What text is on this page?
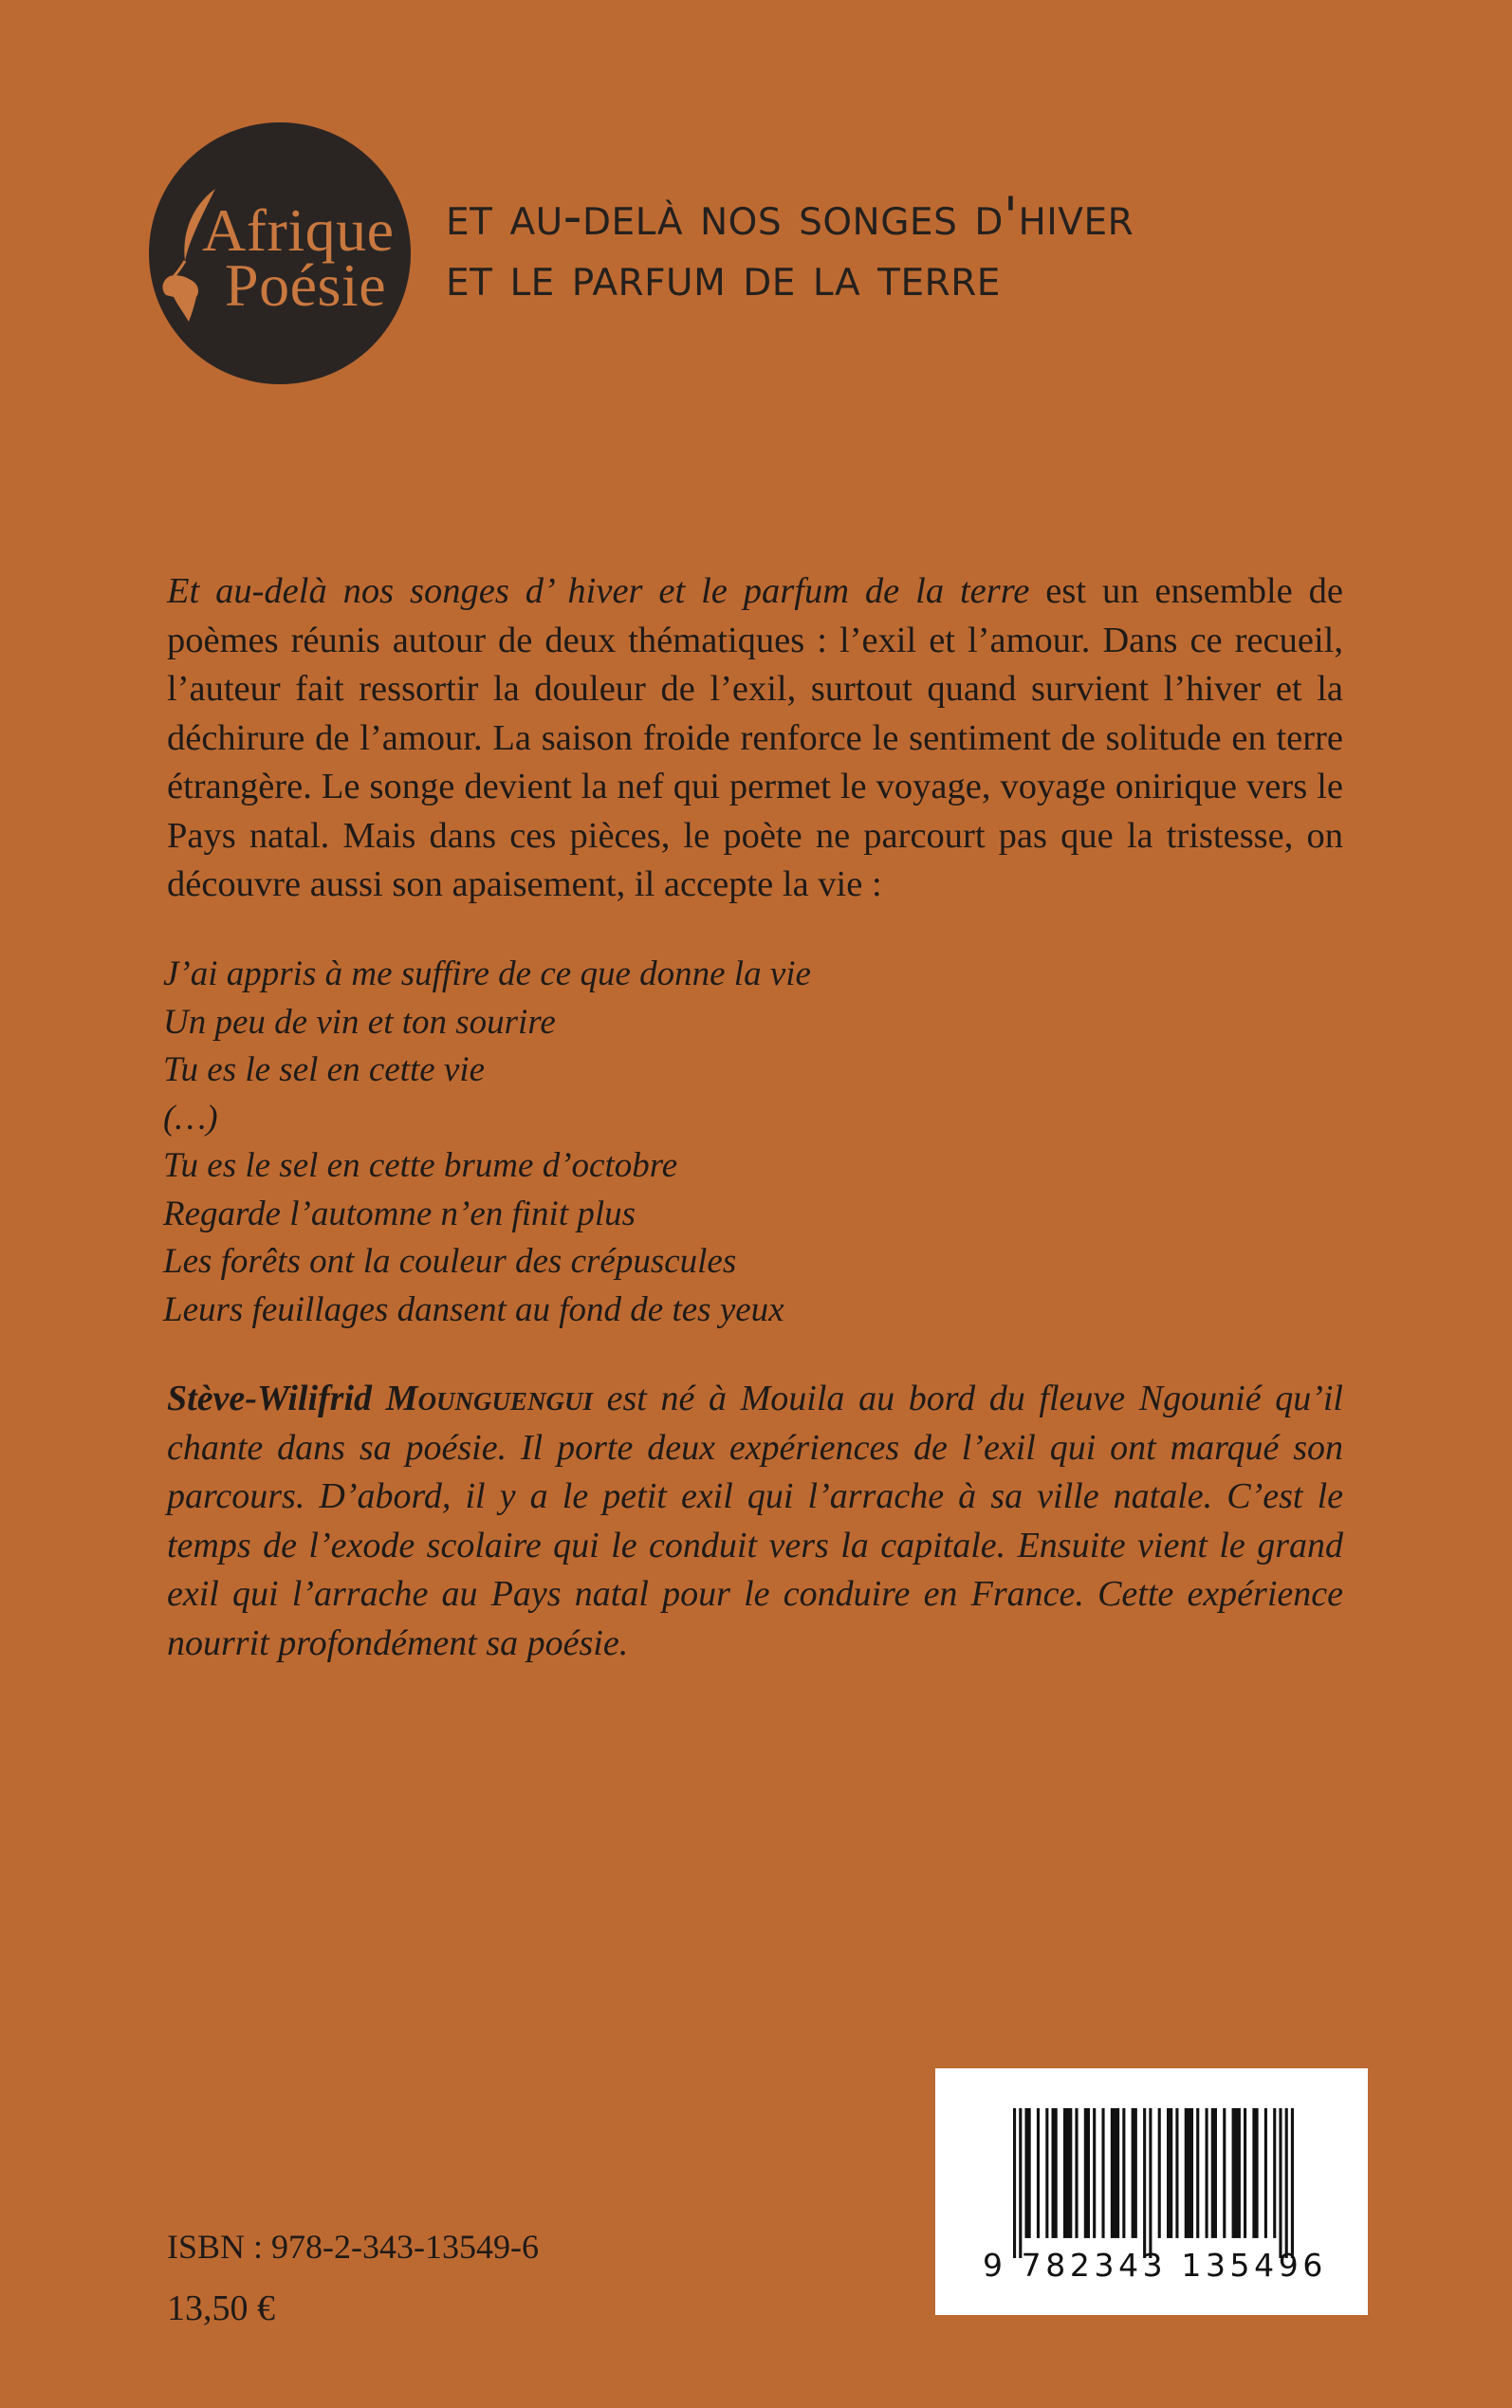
Afrique
Poésie
et au-delà nos songes d'hiver
et le parfum de la terre

Et au-delà nos songes d’ hiver et le parfum de la terre est un ensemble de poèmes réunis autour de deux thématiques : l’exil et l’amour. Dans ce recueil, l’auteur fait ressortir la douleur de l’exil, surtout quand survient l’hiver et la déchirure de l’amour. La saison froide renforce le sentiment de solitude en terre étrangère. Le songe devient la nef qui permet le voyage, voyage onirique vers le Pays natal. Mais dans ces pièces, le poète ne parcourt pas que la tristesse, on découvre aussi son apaisement, il accepte la vie :

J’ai appris à me suffire de ce que donne la vie
Un peu de vin et ton sourire
Tu es le sel en cette vie
(…)
Tu es le sel en cette brume d’octobre
Regarde l’automne n’en finit plus
Les forêts ont la couleur des crépuscules
Leurs feuillages dansent au fond de tes yeux

Stève-Wilifrid Mounguengui est né à Mouila au bord du fleuve Ngounié qu’il chante dans sa poésie. Il porte deux expériences de l’exil qui ont marqué son parcours. D’abord, il y a le petit exil qui l’arrache à sa ville natale. C’est le temps de l’exode scolaire qui le conduit vers la capitale. Ensuite vient le grand exil qui l’arrache au Pays natal pour le conduire en France. Cette expérience nourrit profondément sa poésie.

ISBN : 978-2-343-13549-6
13,50 €
9 782343 135496
